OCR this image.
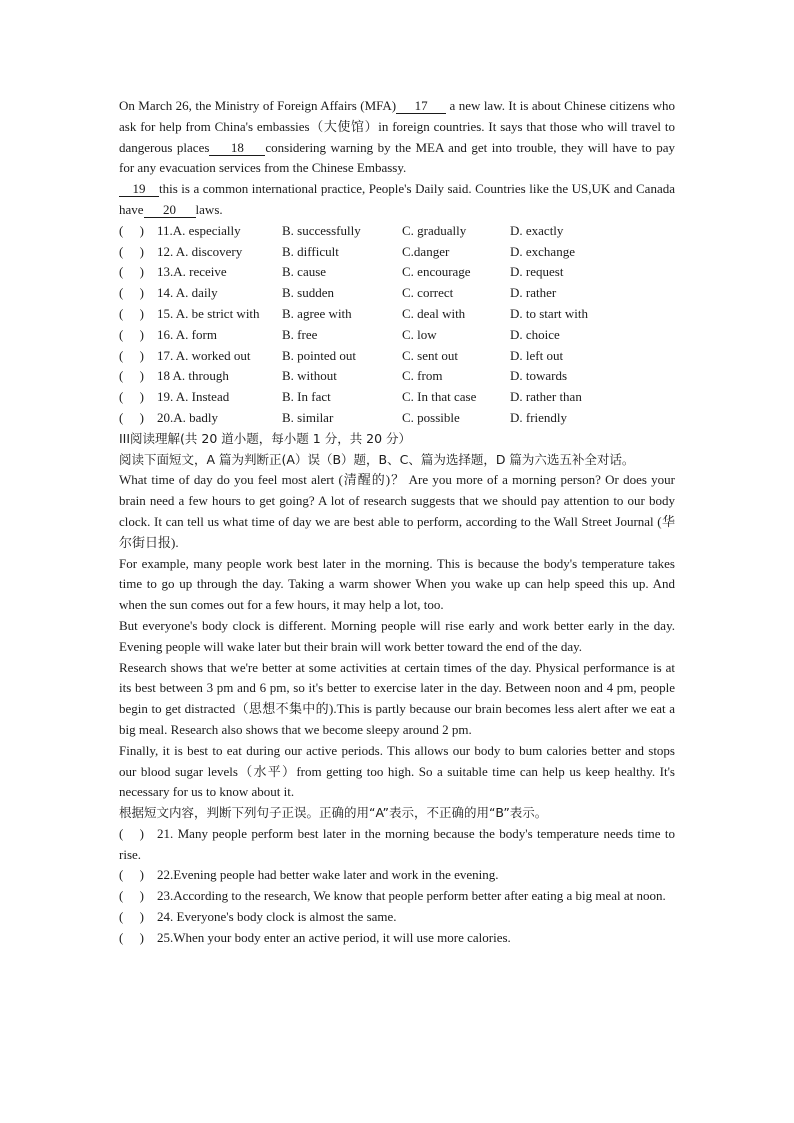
On March 26, the Ministry of Foreign Affairs (MFA) 17 a new law. It is about Chinese citizens who ask for help from China's embassies（大使馆）in foreign countries. It says that those who will travel to dangerous places 18 considering warning by the MEA and get into trouble, they will have to pay for any evacuation services from the Chinese Embassy.

19 this is a common international practice, People's Daily said. Countries like the US,UK and Canada have 20 laws.

( )	11.A. especially	B. successfully	C. gradually	D. exactly
( )	12. A. discovery	B. difficult	C.danger	D. exchange
( )	13.A. receive	B. cause	C. encourage	D. request
( )	14. A. daily	B. sudden	C. correct	D. rather
( )	15. A. be strict with	B. agree with	C. deal with	D. to start with
( )	16. A. form	B. free	C. low	D. choice
( )	17. A. worked out	B. pointed out	C. sent out	D. left out
( )	18 A. through	B. without	C. from	D. towards
( )	19. A. Instead	B. In fact	C. In that case	D. rather than
( )	20.A. badly	B. similar	C. possible	D. friendly

III阅读理解(共 20 道小题，每小题 1 分，共 20 分）

阅读下面短文，A 篇为判断正(A）误（B）题，B、C、篇为选择题，D 篇为六选五补全对话。

What time of day do you feel most alert (清醒的)？ Are you more of a morning person? Or does your brain need a few hours to get going? A lot of research suggests that we should pay attention to our body clock. It can tell us what time of day we are best able to perform, according to the Wall Street Journal (华尔街日报).

For example, many people work best later in the morning. This is because the body's temperature takes time to go up through the day. Taking a warm shower When you wake up can help speed this up. And when the sun comes out for a few hours, it may help a lot, too.

But everyone's body clock is different. Morning people will rise early and work better early in the day. Evening people will wake later but their brain will work better toward the end of the day.

Research shows that we're better at some activities at certain times of the day. Physical performance is at its best between 3 pm and 6 pm, so it's better to exercise later in the day. Between noon and 4 pm, people begin to get distracted（思想不集中的).This is partly because our brain becomes less alert after we eat a big meal. Research also shows that we become sleepy around 2 pm.

Finally, it is best to eat during our active periods. This allows our body to bum calories better and stops our blood sugar levels（水平）from getting too high. So a suitable time can help us keep healthy. It's necessary for us to know about it.

根据短文内容，判断下列句子正误。正确的用“A”表示，不正确的用“B”表示。

( ) 21. Many people perform best later in the morning because the body's temperature needs time to rise.

( ) 22.Evening people had better wake later and work in the evening.

( ) 23.According to the research, We know that people perform better after eating a big meal at noon.

( ) 24. Everyone's body clock is almost the same.

( ) 25.When your body enter an active period, it will use more calories.
